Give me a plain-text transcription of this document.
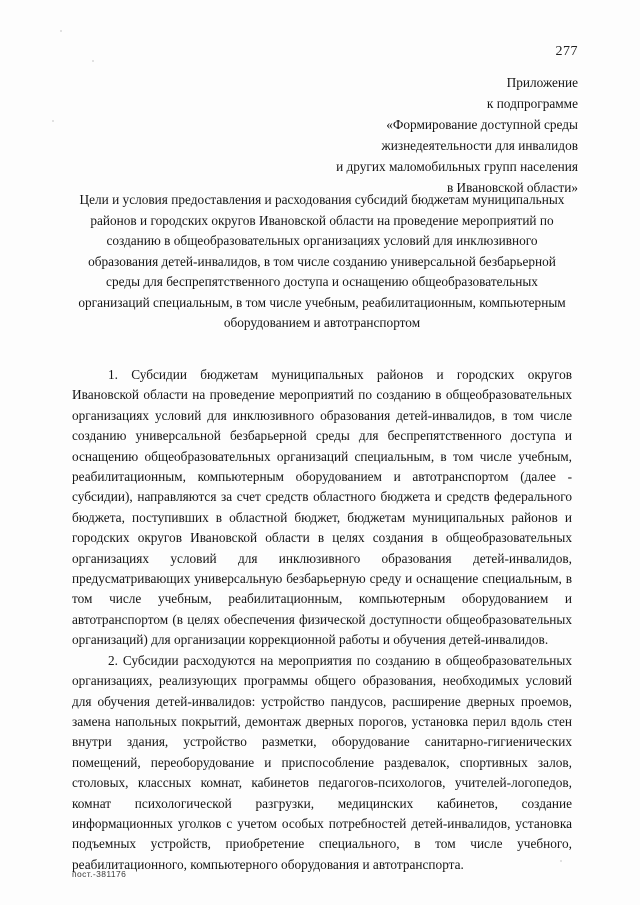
277
Приложение
к подпрограмме
«Формирование доступной среды
жизнедеятельности для инвалидов
и других маломобильных групп населения
в Ивановской области»
Цели и условия предоставления и расходования субсидий бюджетам муниципальных районов и городских округов Ивановской области на проведение мероприятий по созданию в общеобразовательных организациях условий для инклюзивного образования детей-инвалидов, в том числе созданию универсальной безбарьерной среды для беспрепятственного доступа и оснащению общеобразовательных организаций специальным, в том числе учебным, реабилитационным, компьютерным оборудованием и автотранспортом

1. Субсидии бюджетам муниципальных районов и городских округов Ивановской области на проведение мероприятий по созданию в общеобразовательных организациях условий для инклюзивного образования детей-инвалидов, в том числе созданию универсальной безбарьерной среды для беспрепятственного доступа и оснащению общеобразовательных организаций специальным, в том числе учебным, реабилитационным, компьютерным оборудованием и автотранспортом (далее - субсидии), направляются за счет средств областного бюджета и средств федерального бюджета, поступивших в областной бюджет, бюджетам муниципальных районов и городских округов Ивановской области в целях создания в общеобразовательных организациях условий для инклюзивного образования детей-инвалидов, предусматривающих универсальную безбарьерную среду и оснащение специальным, в том числе учебным, реабилитационным, компьютерным оборудованием и автотранспортом (в целях обеспечения физической доступности общеобразовательных организаций) для организации коррекционной работы и обучения детей-инвалидов.

2. Субсидии расходуются на мероприятия по созданию в общеобразовательных организациях, реализующих программы общего образования, необходимых условий для обучения детей-инвалидов: устройство пандусов, расширение дверных проемов, замена напольных покрытий, демонтаж дверных порогов, установка перил вдоль стен внутри здания, устройство разметки, оборудование санитарно-гигиенических помещений, переоборудование и приспособление раздевалок, спортивных залов, столовых, классных комнат, кабинетов педагогов-психологов, учителей-логопедов, комнат психологической разгрузки, медицинских кабинетов, создание информационных уголков с учетом особых потребностей детей-инвалидов, установка подъемных устройств, приобретение специального, в том числе учебного, реабилитационного, компьютерного оборудования и автотранспорта.

пост.-381176
